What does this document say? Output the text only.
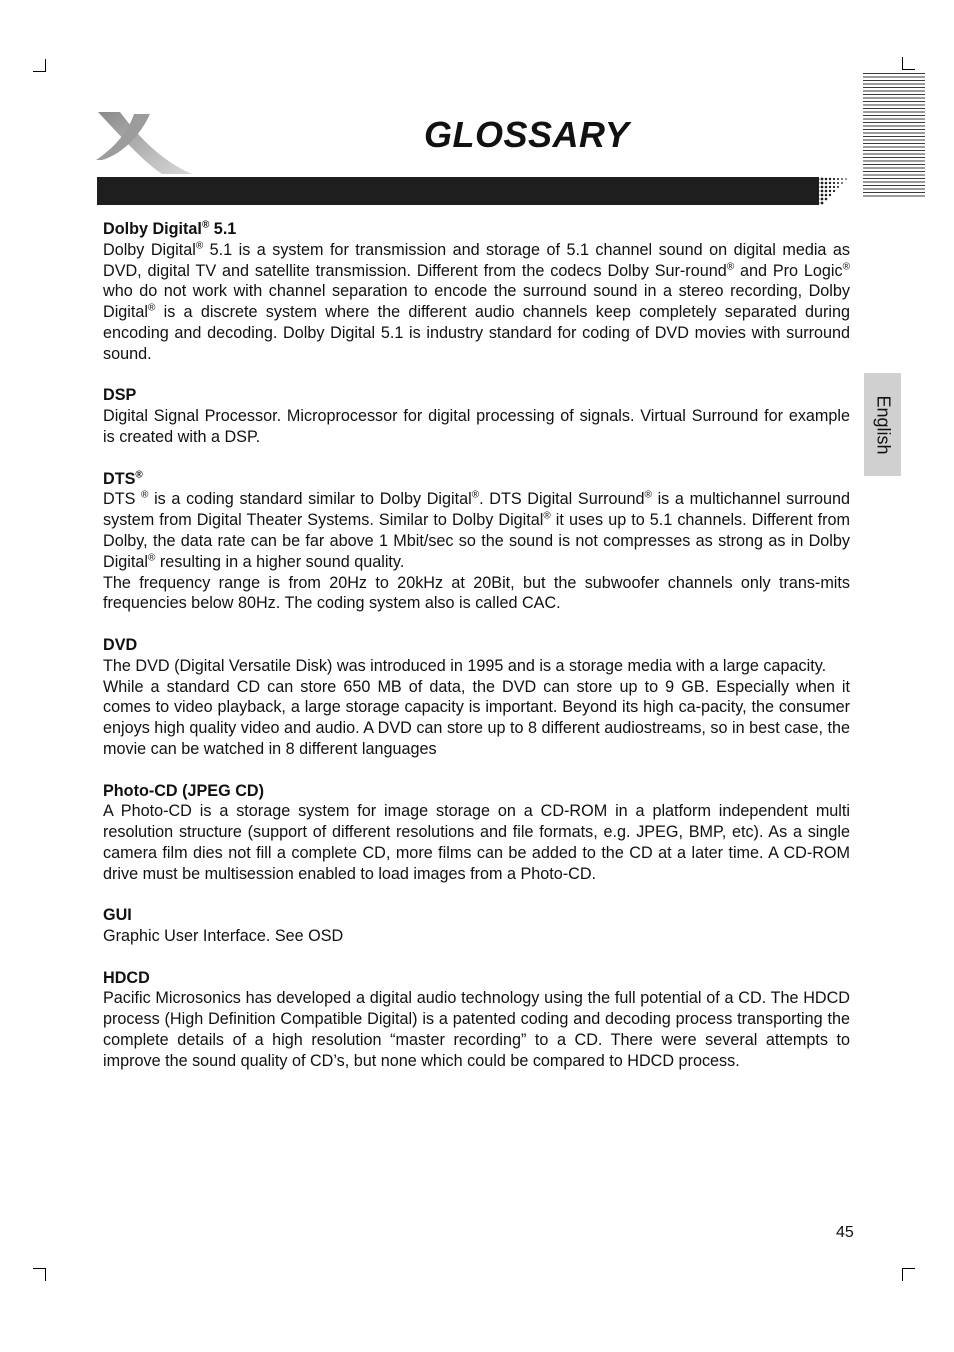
GLOSSARY
English
Dolby Digital® 5.1
Dolby Digital® 5.1 is a system for transmission and storage of 5.1 channel sound on digital media as DVD, digital TV and satellite transmission. Different from the codecs Dolby Sur-round® and Pro Logic® who do not work with channel separation to encode the surround sound in a stereo recording, Dolby Digital® is a discrete system where the different audio channels keep completely separated during encoding and decoding. Dolby Digital 5.1 is industry standard for coding of DVD movies with surround sound.
DSP
Digital Signal Processor. Microprocessor for digital processing of signals. Virtual Surround for example is created with a DSP.
DTS®
DTS ® is a coding standard similar to Dolby Digital®. DTS Digital Surround® is a multichannel surround system from Digital Theater Systems. Similar to Dolby Digital® it uses up to 5.1 channels. Different from Dolby, the data rate can be far above 1 Mbit/sec so the sound is not compresses as strong as in Dolby Digital® resulting in a higher sound quality.
The frequency range is from 20Hz to 20kHz at 20Bit, but the subwoofer channels only trans-mits frequencies below 80Hz. The coding system also is called CAC.
DVD
The DVD (Digital Versatile Disk) was introduced in 1995 and is a storage media with a large capacity.
While a standard CD can store 650 MB of data, the DVD can store up to 9 GB. Especially when it comes to video playback, a large storage capacity is important. Beyond its high ca-pacity, the consumer enjoys high quality video and audio. A DVD can store up to 8 different audiostreams, so in best case, the movie can be watched in 8 different languages
Photo-CD (JPEG CD)
A Photo-CD is a storage system for image storage on a CD-ROM in a platform independent multi resolution structure (support of different resolutions and file formats, e.g. JPEG, BMP, etc). As a single camera film dies not fill a complete CD, more films can be added to the CD at a later time. A CD-ROM drive must be multisession enabled to load images from a Photo-CD.
GUI
Graphic User Interface. See OSD
HDCD
Pacific Microsonics has developed a digital audio technology using the full potential of a CD. The HDCD process (High Definition Compatible Digital) is a patented coding and decoding process transporting the complete details of a high resolution “master recording” to a CD. There were several attempts to improve the sound quality of CD’s, but none which could be compared to HDCD process.
45
